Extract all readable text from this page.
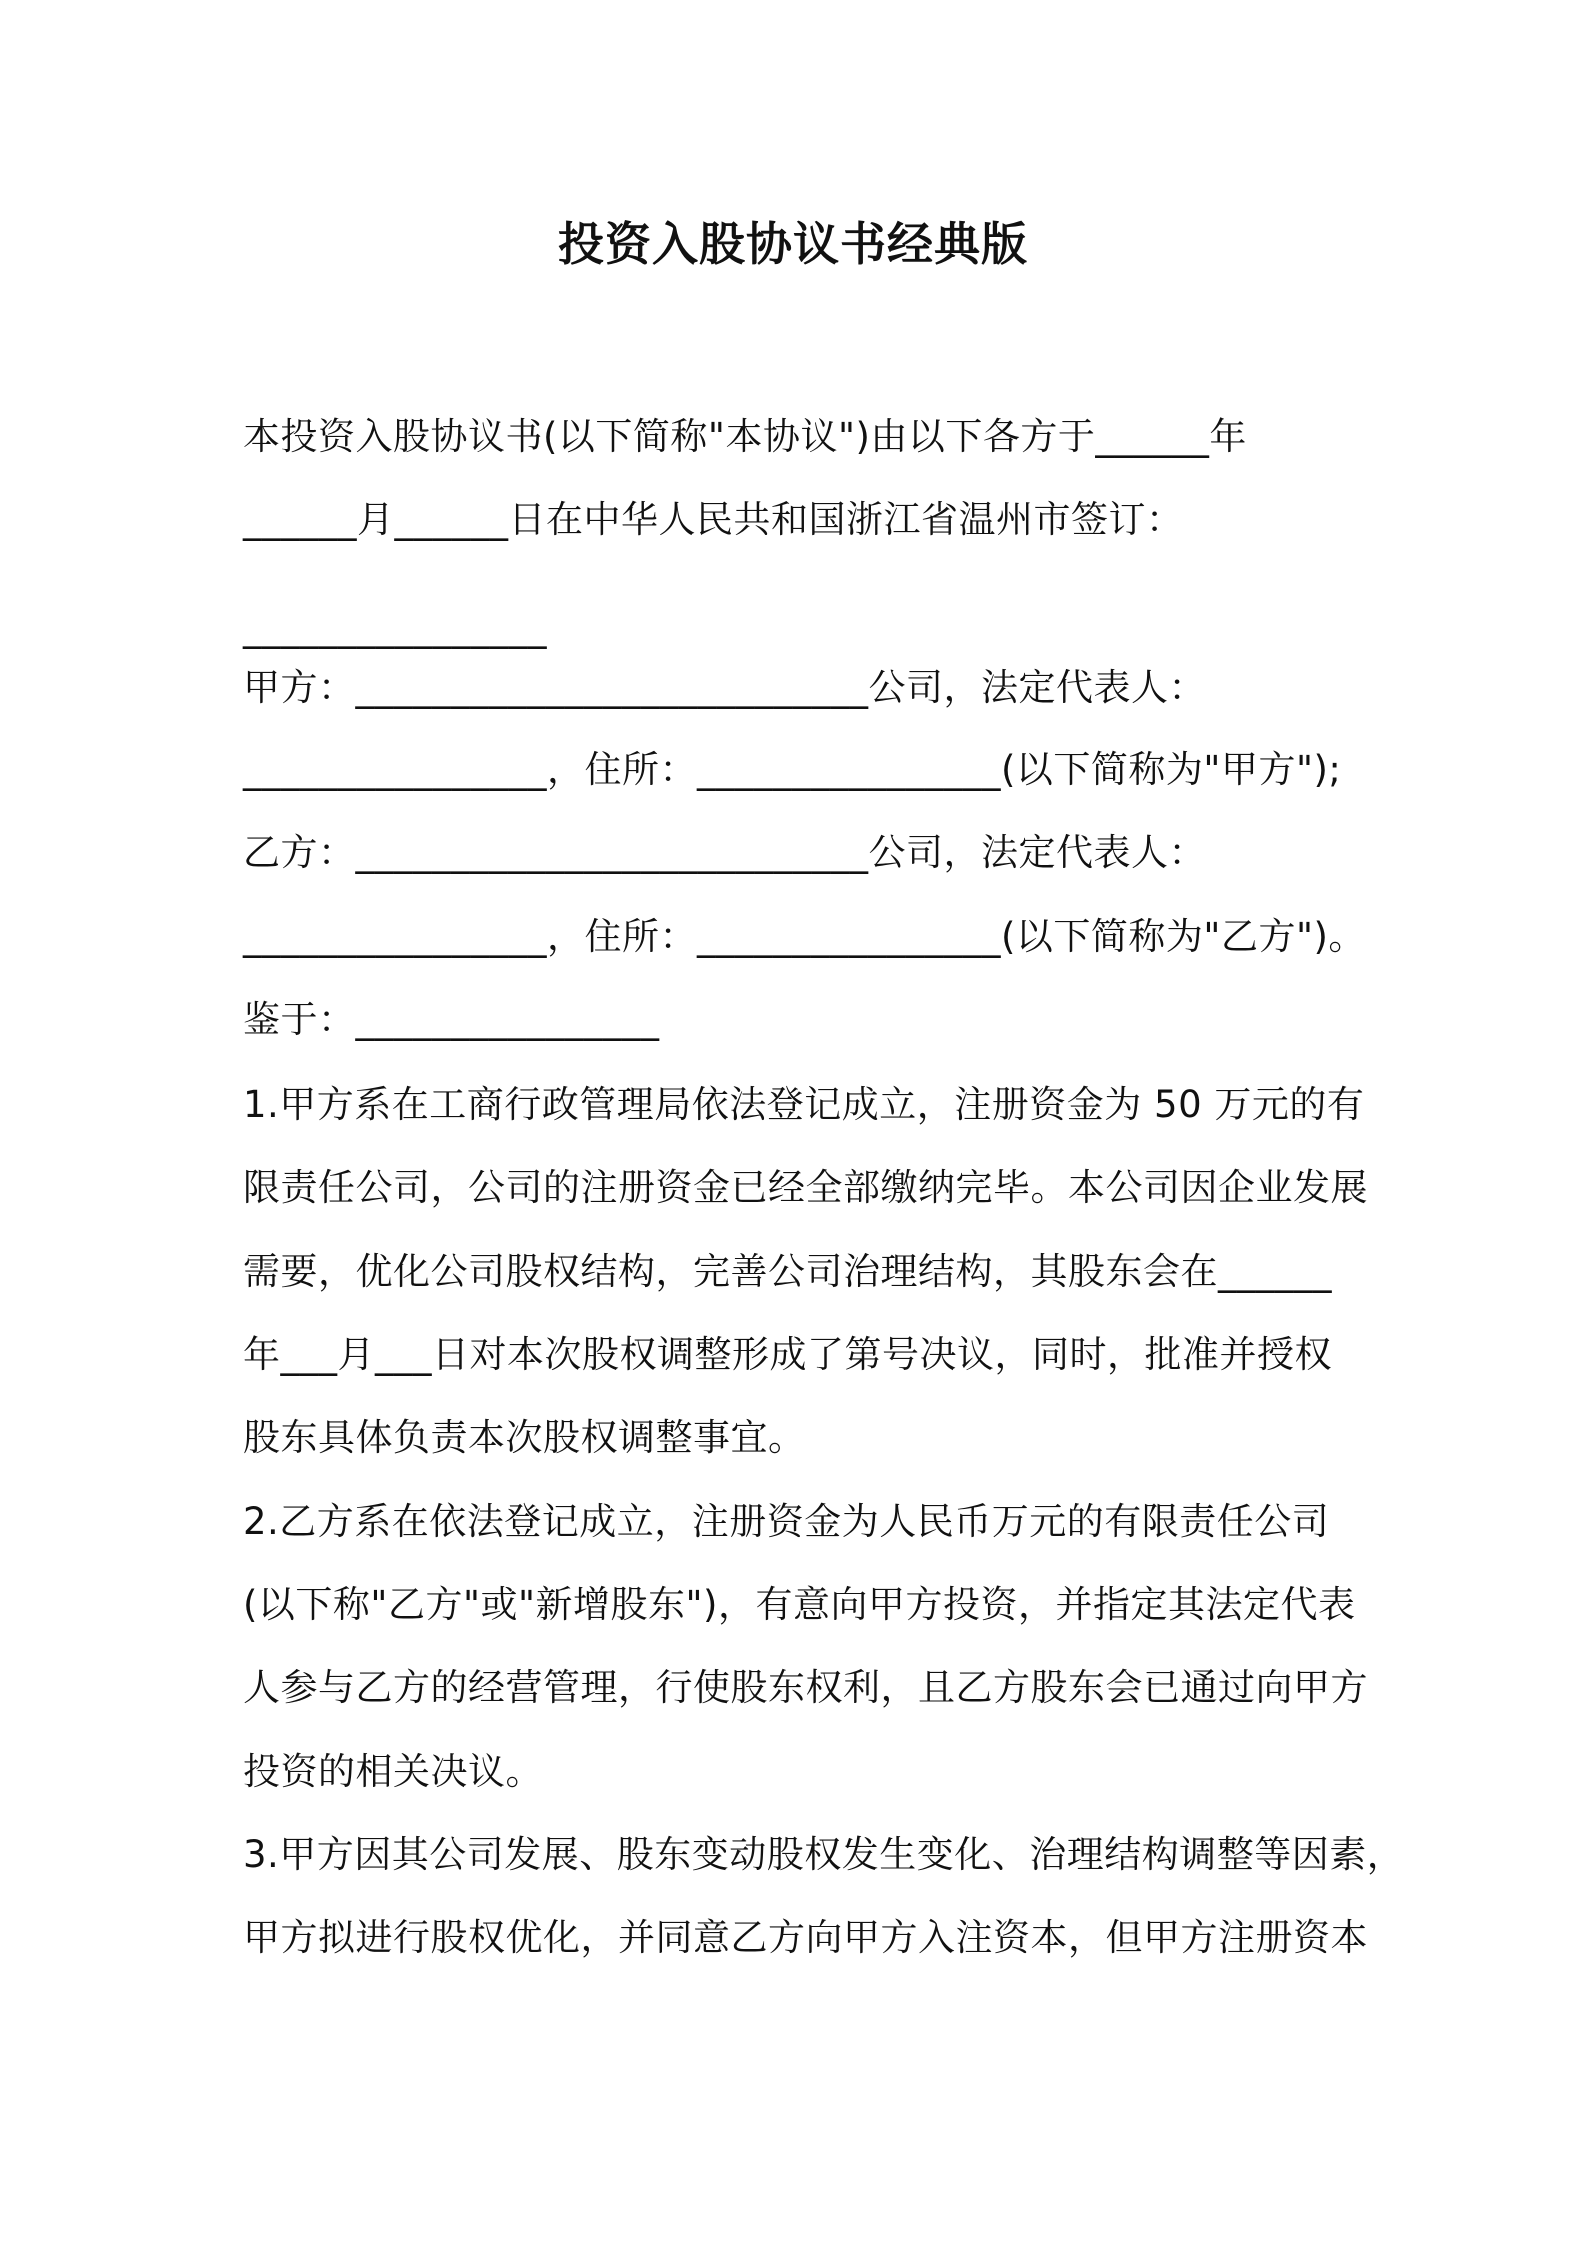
投资入股协议书经典版
本投资入股协议书(以下简称"本协议")由以下各方于______年
______月______日在中华人民共和国浙江省温州市签订：
________________
甲方：___________________________公司，法定代表人：
________________，住所：________________(以下简称为"甲方");
乙方：___________________________公司，法定代表人：
________________，住所：________________(以下简称为"乙方")。
鉴于：________________
1.甲方系在工商行政管理局依法登记成立，注册资金为 50 万元的有
限责任公司，公司的注册资金已经全部缴纳完毕。本公司因企业发展
需要，优化公司股权结构，完善公司治理结构，其股东会在______
年___月___日对本次股权调整形成了第号决议，同时，批准并授权
股东具体负责本次股权调整事宜。
2.乙方系在依法登记成立，注册资金为人民币万元的有限责任公司
(以下称"乙方"或"新增股东")，有意向甲方投资，并指定其法定代表
人参与乙方的经营管理，行使股东权利，且乙方股东会已通过向甲方
投资的相关决议。
3.甲方因其公司发展、股东变动股权发生变化、治理结构调整等因素，
甲方拟进行股权优化，并同意乙方向甲方入注资本，但甲方注册资本
